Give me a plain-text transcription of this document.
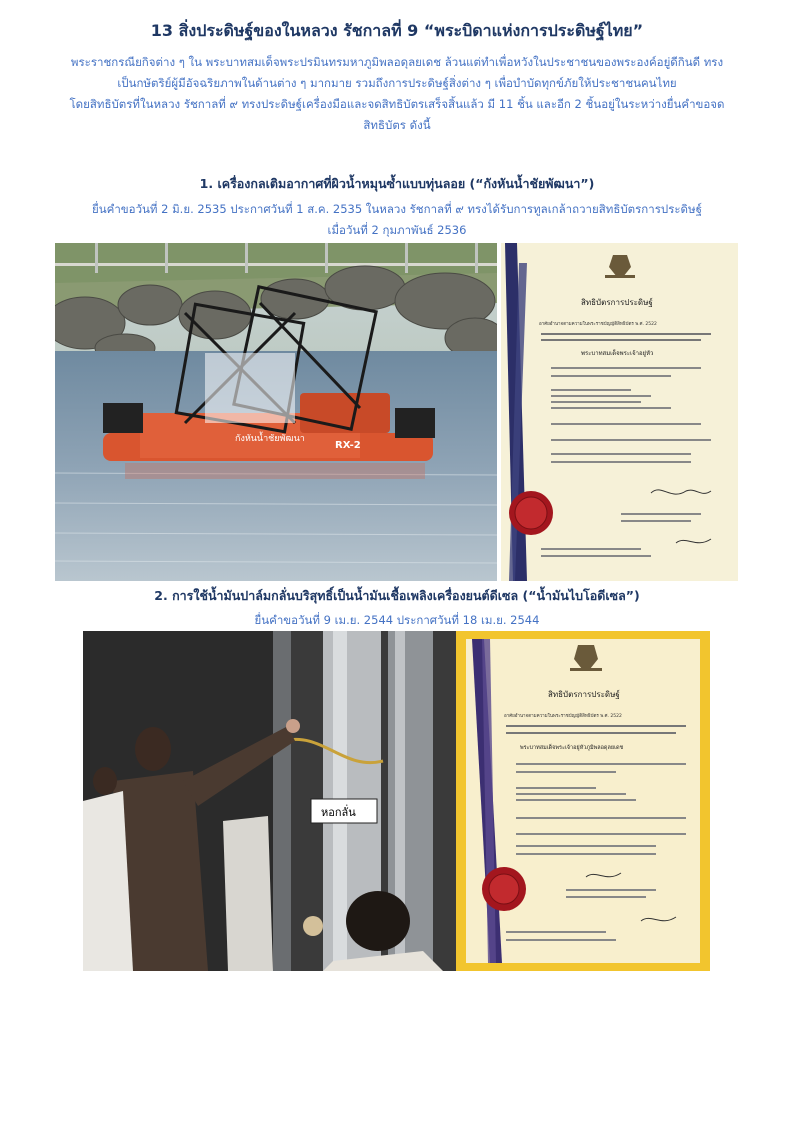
13 สิ่งประดิษฐ์ของในหลวง รัชกาลที่ 9 “พระบิดาแห่งการประดิษฐ์ไทย”
พระราชกรณียกิจต่าง ๆ ใน พระบาทสมเด็จพระปรมินทรมหาภูมิพลอดุลยเดช ล้วนแต่ทำเพื่อหวังในประชาชนของพระองค์อยู่ดีกินดี ทรง
เป็นกษัตริย์ผู้มีอัจฉริยภาพในด้านต่าง ๆ มากมาย รวมถึงการประดิษฐ์สิ่งต่าง ๆ เพื่อบำบัดทุกข์ภัยให้ประชาชนคนไทย
โดยสิทธิบัตรที่ในหลวง รัชกาลที่ ๙ ทรงประดิษฐ์เครื่องมือและจดสิทธิบัตรเสร็จสิ้นแล้ว มี 11 ชิ้น และอีก 2 ชิ้นอยู่ในระหว่างยื่นคำขอจด
สิทธิบัตร ดังนี้
1. เครื่องกลเติมอากาศที่ผิวน้ำหมุนซ้ำแบบทุ่นลอย (“กังหันน้ำชัยพัฒนา”)
ยื่นคำขอวันที่ 2 มิ.ย. 2535 ประกาศวันที่ 1 ส.ค. 2535 ในหลวง รัชกาลที่ ๙ ทรงได้รับการทูลเกล้าถวายสิทธิบัตรการประดิษฐ์
เมื่อวันที่ 2 กุมภาพันธ์ 2536
กังหันน้ำชัยพัฒนา
RX-2
สิทธิบัตรการประดิษฐ์
อาศัยอำนาจตามความในพระราชบัญญัติสิทธิบัตร พ.ศ. 2522
พระบาทสมเด็จพระเจ้าอยู่หัว
2. การใช้น้ำมันปาล์มกลั่นบริสุทธิ์เป็นน้ำมันเชื้อเพลิงเครื่องยนต์ดีเซล (“น้ำมันไบโอดีเซล”)
ยื่นคำขอวันที่ 9 เม.ย. 2544 ประกาศวันที่ 18 เม.ย. 2544
หอกลั่น
สิทธิบัตรการประดิษฐ์
อาศัยอำนาจตามความในพระราชบัญญัติสิทธิบัตร พ.ศ. 2522
พระบาทสมเด็จพระเจ้าอยู่หัวภูมิพลอดุลยเดช
